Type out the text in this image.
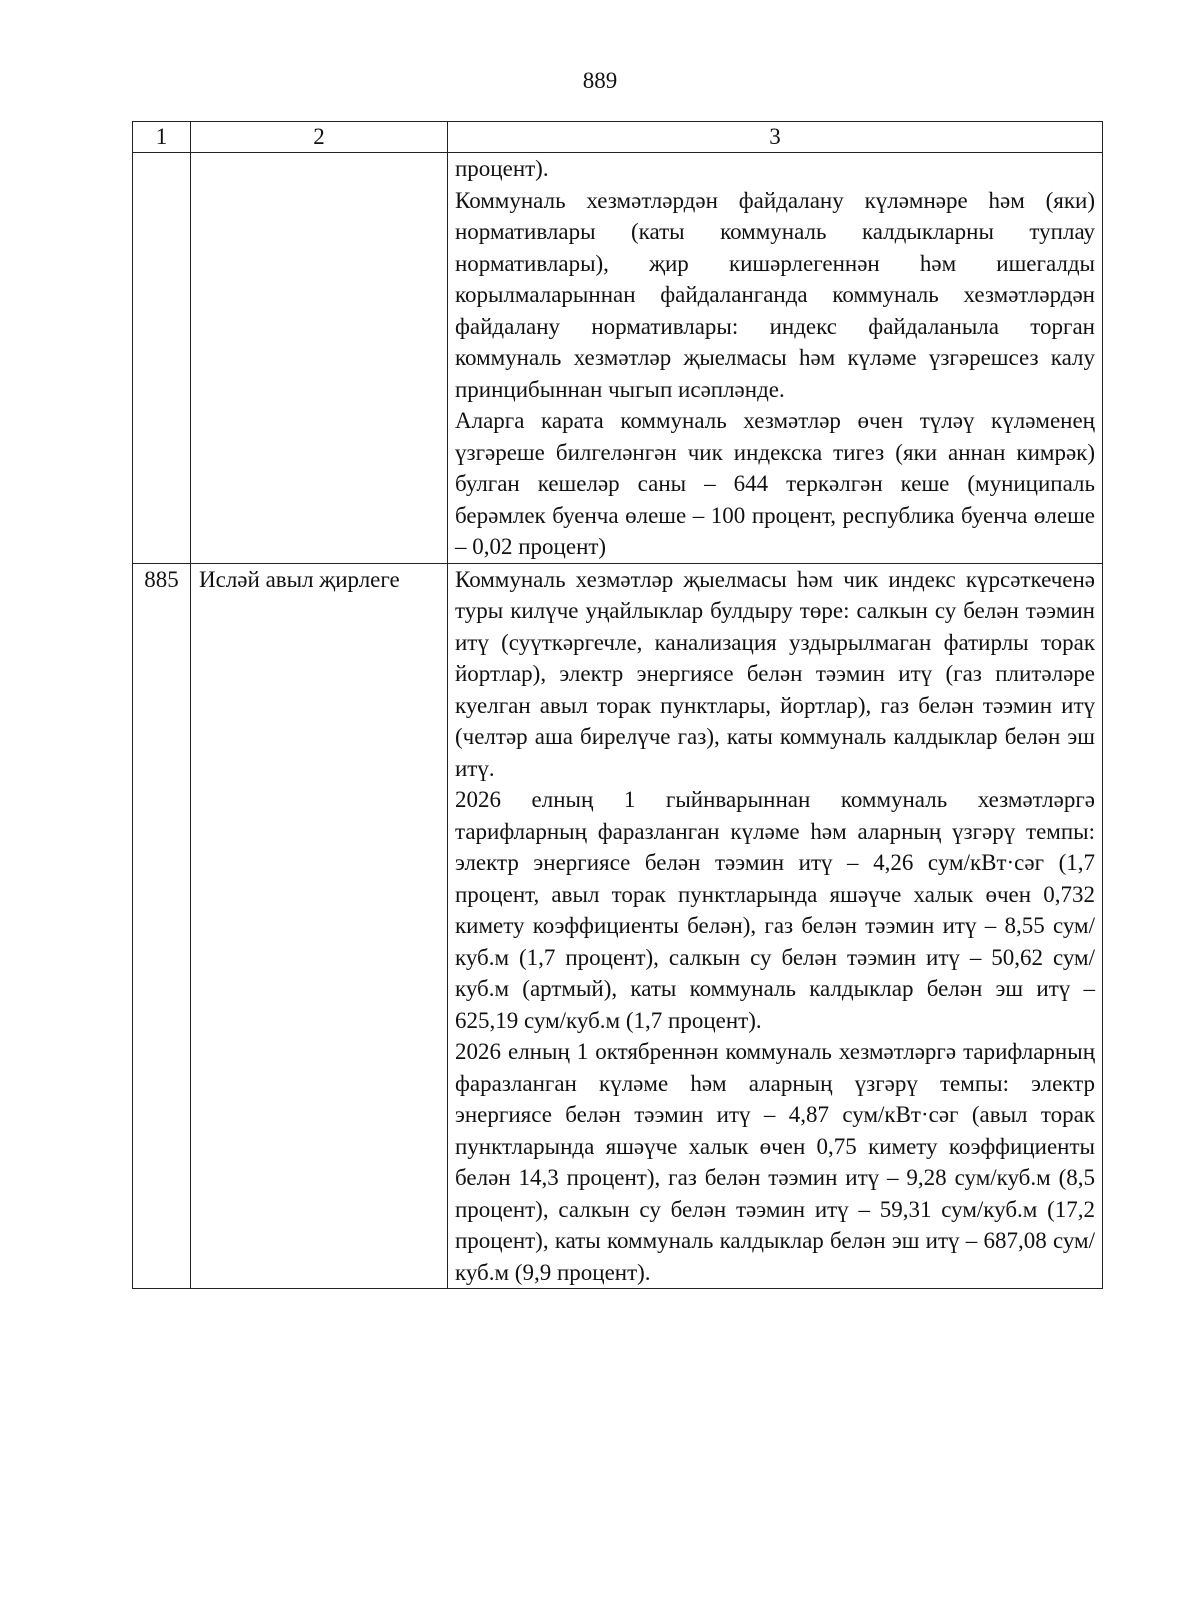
889
1	2	3

		процент).

Коммуналь хезмәтләрдән файдалану күләмнәре һәм (яки) нормативлары (каты коммуналь калдыкларны туплау нормативлары), җир кишәрлегеннән һәм ишегалды корылмаларыннан файдаланганда коммуналь хезмәтләрдән файдалану нормативлары: индекс файдаланыла торган коммуналь хезмәтләр җыелмасы һәм күләме үзгәрешсез калу принцибыннан чыгып исәпләнде.

Аларга карата коммуналь хезмәтләр өчен түләү күләменең үзгәреше билгеләнгән чик индекска тигез (яки аннан кимрәк) булган кешеләр саны – 644 теркәлгән кеше (муниципаль берәмлек буенча өлеше – 100 процент, республика буенча өлеше – 0,02 процент)

885	Ислəй авыл җирлеге	Коммуналь хезмәтләр җыелмасы һәм чик индекс күрсәткеченә туры килүче уңайлыклар булдыру төре: салкын су белән тәэмин итү (суүткәргечле, канализация уздырылмаган фатирлы торак йортлар), электр энергиясе белән тәэмин итү (газ плитәләре куелган авыл торак пунктлары, йортлар), газ белән тәэмин итү (челтәр аша бирелүче газ), каты коммуналь калдыклар белән эш итү.

2026 елның 1 гыйнварыннан коммуналь хезмәтләргә тарифларның фаразланган күләме һәм аларның үзгәрү темпы: электр энергиясе белән тәэмин итү – 4,26 сум/кВт·сәг (1,7 процент, авыл торак пунктларында яшәүче халык өчен 0,732 кимету коэффициенты белән), газ белән тәэмин итү – 8,55 сум/куб.м (1,7 процент), салкын су белән тәэмин итү – 50,62 сум/куб.м (артмый), каты коммуналь калдыклар белән эш итү – 625,19 сум/куб.м (1,7 процент).

2026 елның 1 октябреннән коммуналь хезмәтләргә тарифларның фаразланган күләме һәм аларның үзгәрү темпы: электр энергиясе белән тәэмин итү – 4,87 сум/кВт·сәг (авыл торак пунктларында яшәүче халык өчен 0,75 кимету коэффициенты белән 14,3 процент), газ белән тәэмин итү – 9,28 сум/куб.м (8,5 процент), салкын су белән тәэмин итү – 59,31 сум/куб.м (17,2 процент), каты коммуналь калдыклар белән эш итү – 687,08 сум/куб.м (9,9 процент).
